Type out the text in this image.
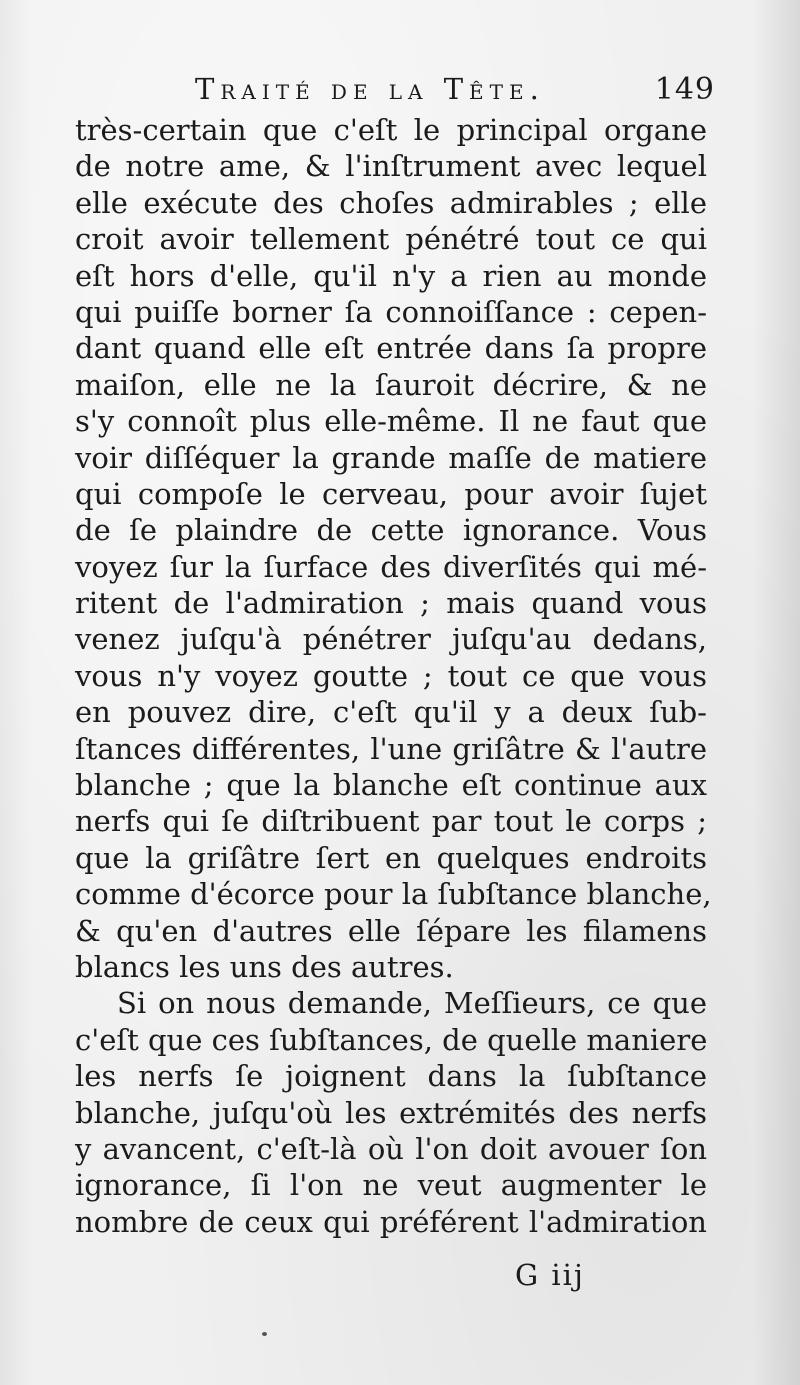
Traité de la Tête.	149
très-certain que c'eſt le principal organe
de notre ame, & l'inſtrument avec lequel
elle exécute des choſes admirables ; elle
croit avoir tellement pénétré tout ce qui
eſt hors d'elle, qu'il n'y a rien au monde
qui puiſſe borner ſa connoiſſance : cepen-
dant quand elle eſt entrée dans ſa propre
maiſon, elle ne la ſauroit décrire, & ne
s'y connoît plus elle-même. Il ne faut que
voir diſſéquer la grande maſſe de matiere
qui compoſe le cerveau, pour avoir ſujet
de ſe plaindre de cette ignorance. Vous
voyez ſur la ſurface des diverſités qui mé-
ritent de l'admiration ; mais quand vous
venez juſqu'à pénétrer juſqu'au dedans,
vous n'y voyez goutte ; tout ce que vous
en pouvez dire, c'eſt qu'il y a deux ſub-
ſtances différentes, l'une griſâtre & l'autre
blanche ; que la blanche eſt continue aux
nerfs qui ſe diſtribuent par tout le corps ;
que la griſâtre ſert en quelques endroits
comme d'écorce pour la ſubſtance blanche,
& qu'en d'autres elle ſépare les filamens
blancs les uns des autres.
Si on nous demande, Meſſieurs, ce que
c'eſt que ces ſubſtances, de quelle maniere
les nerfs ſe joignent dans la ſubſtance
blanche, juſqu'où les extrémités des nerfs
y avancent, c'eſt-là où l'on doit avouer ſon
ignorance, ſi l'on ne veut augmenter le
nombre de ceux qui préférent l'admiration
G iij
